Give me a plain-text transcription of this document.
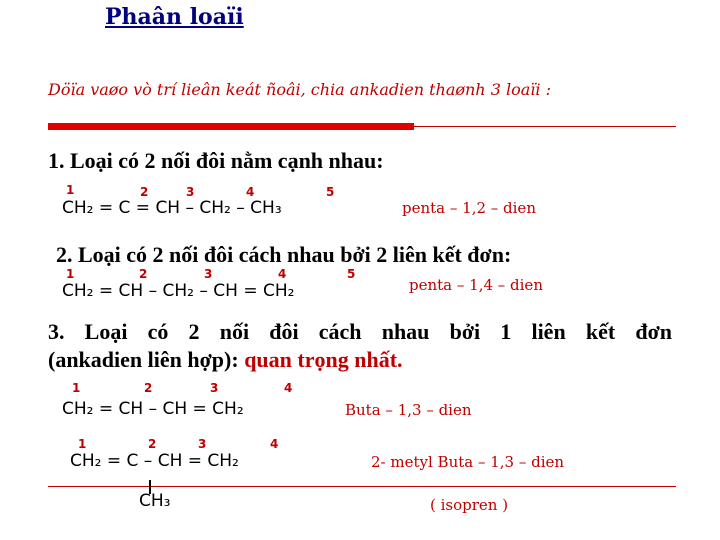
Phaân loaïi
Döïa vaøo vò trí lieân keát ñoâi, chia ankadien thaønh 3 loaïi :
1. Loại có 2 nối đôi nằm cạnh nhau:
1	2	3	4	5
CH₂ = C = CH – CH₂ – CH₃	penta – 1,2 – dien
2. Loại có 2 nối đôi cách nhau bởi 2 liên kết đơn:
1	2	3	4	5
CH₂ = CH – CH₂ – CH = CH₂	penta – 1,4 – dien
3. Loại có 2 nối đôi cách nhau bởi 1 liên kết đơn
(ankadien liên hợp): quan trọng nhất.
1	2	3	4
CH₂ = CH – CH = CH₂	Buta – 1,3 – dien
1	2	3	4
CH₂ = C – CH = CH₂	2- metyl Buta – 1,3 – dien
CH₃	( isopren )
